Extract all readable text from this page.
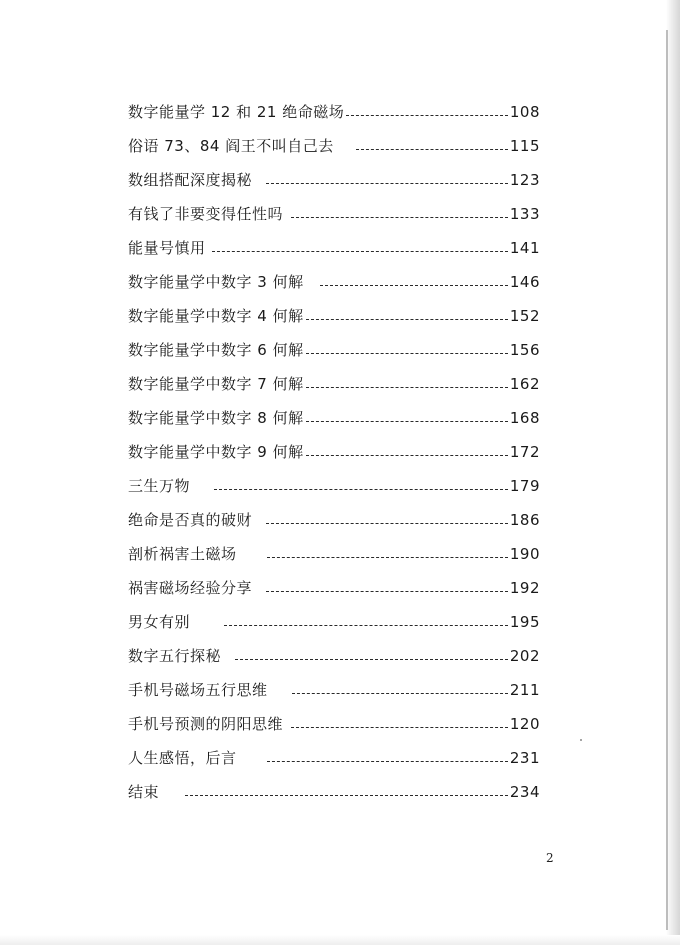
数字能量学 12 和 21 绝命磁场	108
俗语 73、84 阎王不叫自己去	115
数组搭配深度揭秘	123
有钱了非要变得任性吗	133
能量号慎用	141
数字能量学中数字 3 何解	146
数字能量学中数字 4 何解	152
数字能量学中数字 6 何解	156
数字能量学中数字 7 何解	162
数字能量学中数字 8 何解	168
数字能量学中数字 9 何解	172
三生万物	179
绝命是否真的破财	186
剖析祸害土磁场	190
祸害磁场经验分享	192
男女有别	195
数字五行探秘	202
手机号磁场五行思维	211
手机号预测的阴阳思维	120
人生感悟，后言	231
结束	234
2
